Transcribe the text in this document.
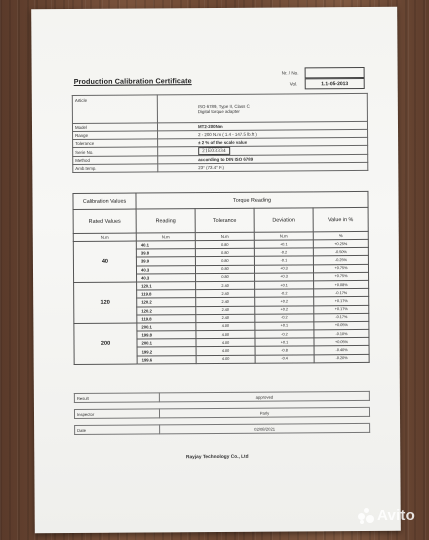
Production Calibration Certificate
Nr. / No.
Vol.	1.1-05-2013
Article	ISO 6789, Type II, Class C
Digital torque adapter

Model	MT2-200Nm
Range	2 - 200 N.m ( 1.4 - 147.5 lb.ft )
Tolerance	± 2 % of the scale value
Serie No.	21E03334
Method	according to DIN ISO 6789
Amb.temp.	23° (73.4° F.)
Calibration Values	Torque Reading			
Rated Values	Reading	Tolerance	Deviation	Value in %
N.m	N.m	N.m	N.m	%
40	40.1	0.80	+0.1	+0.25%
	39.8	0.80	-0.2	-0.50%
	39.9	0.80	-0.1	-0.25%
	40.3	0.80	+0.3	+0.75%
	40.3	0.80	+0.3	+0.75%
120	120.1	2.40	+0.1	+0.08%
	119.8	2.40	-0.2	-0.17%
	120.2	2.40	+0.2	+0.17%
	120.2	2.40	+0.2	+0.17%
	119.8	2.40	-0.2	-0.17%
200	200.1	4.00	+0.1	+0.05%
	199.8	4.00	-0.2	-0.10%
	200.1	4.00	+0.1	+0.05%
	199.2	4.00	-0.8	-0.40%
	199.6	4.00	-0.4	-0.20%
Result	approved

Inspector	Parly

Date	02/08/2021
Rayjay Technology Co., Ltd
Avito
